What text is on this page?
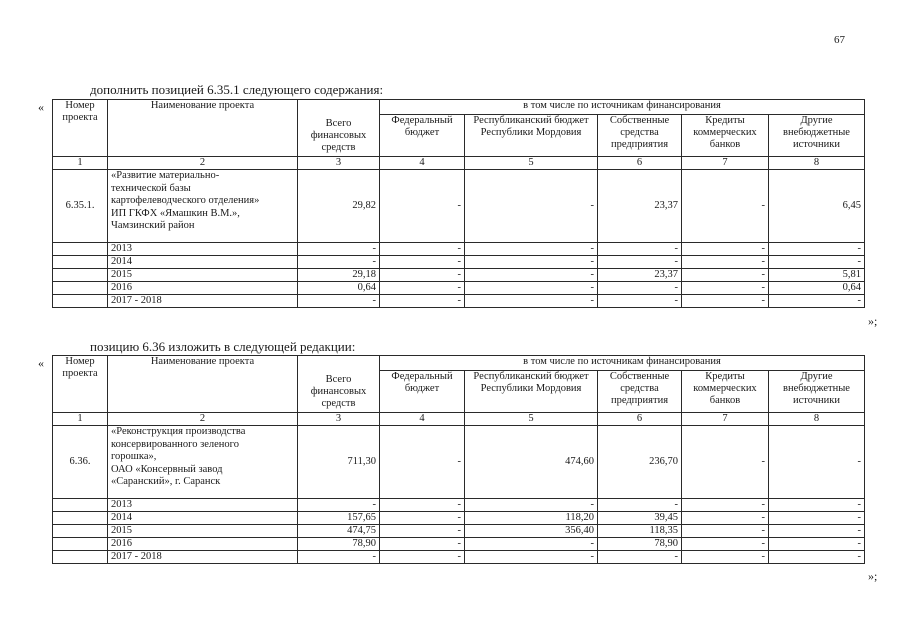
67
дополнить позицией 6.35.1 следующего содержания:
« Номер проекта	Наименование проекта	Всего финансовых средств	в том числе по источникам финансирования				
			Федеральный бюджет	Республиканский бюджет Республики Мордовия	Собственные средства предприятия	Кредиты коммерческих банков	Другие внебюджетные источники
1	2	3	4	5	6	7	8
6.35.1.	«Развитие материально-
технической базы
картофелеводческого отделения»
ИП ГКФХ «Ямашкин В.М.»,
Чамзинский район	29,82	-	-	23,37	-	6,45
	2013	-	-	-	-	-	-
	2014	-	-	-	-	-	-
	2015	29,18	-	-	23,37	-	5,81
	2016	0,64	-	-	-	-	0,64
	2017 - 2018	-	-	-	-	-	-
»;
позицию 6.36 изложить в следующей редакции:
« Номер проекта	Наименование проекта	Всего финансовых средств	в том числе по источникам финансирования				
			Федеральный бюджет	Республиканский бюджет Республики Мордовия	Собственные средства предприятия	Кредиты коммерческих банков	Другие внебюджетные источники
1	2	3	4	5	6	7	8
6.36.	«Реконструкция производства
консервированного зеленого
горошка»,
ОАО «Консервный завод
«Саранский», г. Саранск	711,30	-	474,60	236,70	-	-
	2013	-	-	-	-	-	-
	2014	157,65	-	118,20	39,45	-	-
	2015	474,75	-	356,40	118,35	-	-
	2016	78,90	-	-	78,90	-	-
	2017 - 2018	-	-	-	-	-	-
»;
